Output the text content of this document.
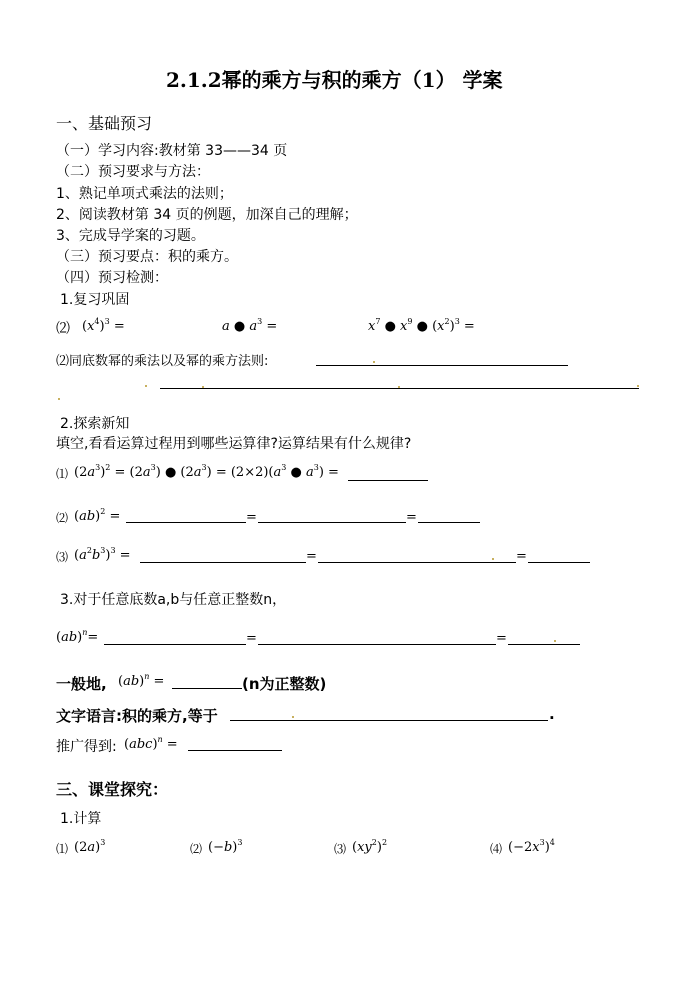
2.1.2幂的乘方与积的乘方（1） 学案
一、基础预习
（一）学习内容:教材第 33——34 页
（二）预习要求与方法：
1、熟记单项式乘法的法则；
2、阅读教材第 34 页的例题，加深自己的理解；
3、完成导学案的习题。
（三）预习要点：积的乘方。
（四）预习检测：
1.复习巩固
⑵ $(x^4)^3$ =	a ● $a^3$ =	$x^7$ ● $x^9$ ● $(x^2)^3$ =
⑵同底数幂的乘法以及幂的乘方法则:
2.探索新知
填空,看看运算过程用到哪些运算律?运算结果有什么规律?
⑴ $(2a^3)^2 = (2a^3)$ ● $(2a^3) = (2\times 2)(a^3$ ● $a^3$) =
⑵ (ab)$^2$ =	=	=
⑶ $(a^2b^3)^3$ =	=	=
3.对于任意底数a,b与任意正整数n，
(ab)$^n$=	=	=
一般地, (ab)$^n$ =	(n为正整数)
文字语言:积的乘方,等于	.
推广得到: (abc)$^n$ =
三、课堂探究：
1.计算
⑴ $(2a)^3$	⑵ $(-b)^3$	⑶ $(xy^2)^2$	⑷ $(-2x^3)^4$
